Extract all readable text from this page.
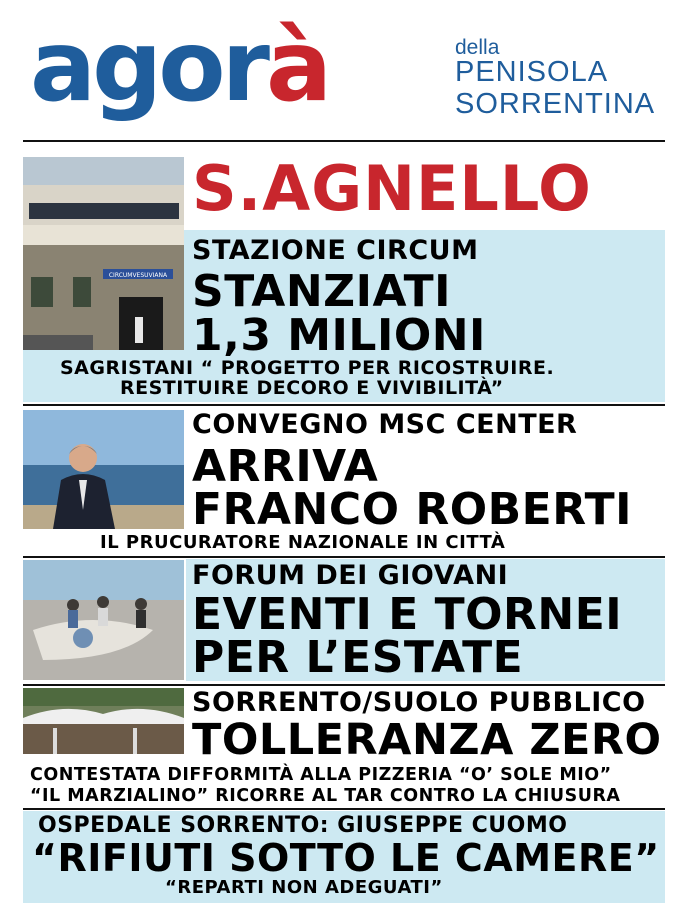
agorà	della
PENISOLA
SORRENTINA
CIRCUMVESUVIANA
S.AGNELLO
STAZIONE CIRCUM
STANZIATI
1,3 MILIONI
SAGRISTANI “ PROGETTO PER RICOSTRUIRE.
RESTITUIRE DECORO E VIVIBILITÀ”
CONVEGNO MSC CENTER
ARRIVA
FRANCO ROBERTI
IL PRUCURATORE NAZIONALE IN CITTÀ
FORUM DEI GIOVANI
EVENTI E TORNEI
PER L’ESTATE
SORRENTO/SUOLO PUBBLICO
TOLLERANZA ZERO
CONTESTATA DIFFORMITÀ ALLA PIZZERIA “O’ SOLE MIO”
“IL MARZIALINO” RICORRE AL TAR CONTRO LA CHIUSURA
OSPEDALE SORRENTO: GIUSEPPE CUOMO
“RIFIUTI SOTTO LE CAMERE”
“REPARTI NON ADEGUATI”
